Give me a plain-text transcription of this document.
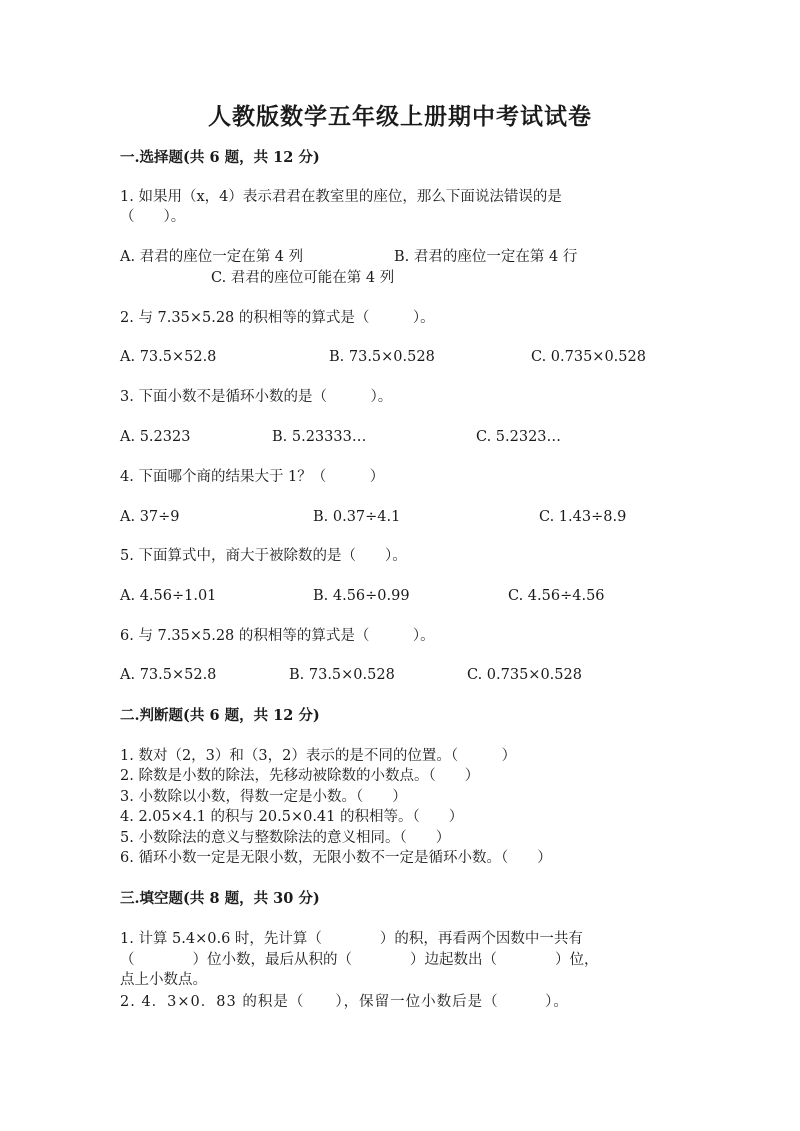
人教版数学五年级上册期中考试试卷
一.选择题(共 6 题，共 12 分)
1. 如果用（x，4）表示君君在教室里的座位，那么下面说法错误的是
（　　）。
A. 君君的座位一定在第 4 列	B. 君君的座位一定在第 4 行
C. 君君的座位可能在第 4 列
2. 与 7.35×5.28 的积相等的算式是（　　　）。
A. 73.5×52.8	B. 73.5×0.528	C. 0.735×0.528
3. 下面小数不是循环小数的是（　　　）。
A. 5.2323	B. 5.23333…	C. 5.2323…
4. 下面哪个商的结果大于 1？（　　　）
A. 37÷9	B. 0.37÷4.1	C. 1.43÷8.9
5. 下面算式中，商大于被除数的是（　　）。
A. 4.56÷1.01	B. 4.56÷0.99	C. 4.56÷4.56
6. 与 7.35×5.28 的积相等的算式是（　　　）。
A. 73.5×52.8	B. 73.5×0.528	C. 0.735×0.528
二.判断题(共 6 题，共 12 分)
1. 数对（2，3）和（3，2）表示的是不同的位置。（　　　）
2. 除数是小数的除法，先移动被除数的小数点。（　　）
3. 小数除以小数，得数一定是小数。（　　）
4. 2.05×4.1 的积与 20.5×0.41 的积相等。（　　）
5. 小数除法的意义与整数除法的意义相同。（　　）
6. 循环小数一定是无限小数，无限小数不一定是循环小数。（　　）
三.填空题(共 8 题，共 30 分)
1. 计算 5.4×0.6 时，先计算（　　　　）的积，再看两个因数中一共有
（　　　　）位小数，最后从积的（　　　　）边起数出（　　　　）位，
点上小数点。
2. 4．3×0．83 的积是（　　），保留一位小数后是（　　　）。
